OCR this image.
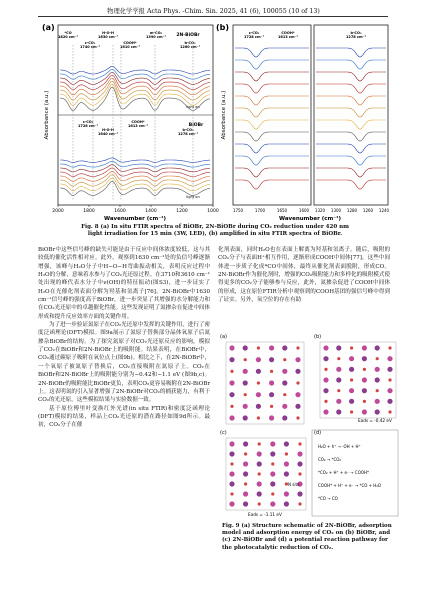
物理化学学报 Acta Phys. -Chim. Sin. 2025, 41 (6), 100055 (10 of 13)
(a)	(b)
Absorbance (a.u.)
Wavenumber (cm⁻¹)
2000	1800	1600	1400	1200	1000
2N-BiOBr
BiOBr
light on
light on
*CO 1820 cm⁻¹
c-CO₃ 1740 cm⁻¹
H-O-H 1630 cm⁻¹
COOH* 1610 cm⁻¹
m-CO₃ 1390 cm⁻¹
b-CO₃ 1260 cm⁻¹
c-CO₃ 1728 cm⁻¹
H-O-H 1640 cm⁻¹
COOH* 1613 cm⁻¹
b-CO₃ 1278 cm⁻¹	Absorbance (a.u.)
Wavenumber (cm⁻¹)
1750	1700	1650	1600 1320 1300 1280 1260 1240
c-CO₃ 1728 cm⁻¹
COOH* 1613 cm⁻¹
b-CO₃ 1278 cm⁻¹
Fig. 8 (a) In situ FTIR spectra of BiOBr, 2N-BiOBr during CO₂ reduction under 420 nm
light irradiation for 15 min (3W, LED), (b) amplified in situ FTIR spectra of BiOBr.

BiOBr中这些信号峰的缺失可能是由于反应中间体浓度较低，这与其较低的催化活性相对应。此外，观察到1630 cm⁻¹处的负信号峰逐渐增强，该峰与H₂O分子中H−O−H弯曲振动相关，表明反应过程中H₂O的分解，意味着水参与了CO₂光还原过程。在3710和3610 cm⁻¹处出现的峰代表水分子中ν(OH)的特征振动(图S3)，进一步证实了H₂O在光催化剂表面分解为羟基和氢离子[76]。2N-BiOBr中1630 cm⁻¹信号峰的强度高于BiOBr，进一步突显了其增强的水分解能力和在CO₂光还原中的卓越催化性能。这些发现证明了氮掺杂在促进中间体形成和提升反应效率方面的关键作用。

为了进一步验证氮原子在CO₂光还原中发挥的关键作用，进行了密度泛函理论(DFT)模拟。图9a展示了氮原子替换部分晶体氧原子后氮掺杂BiOBr的结构。为了探究氮原子对CO₂光还原反应的影响，模拟了CO₂在BiOBr和2N-BiOBr上的吸附能。结果表明，在BiOBr中，CO₂通过碳原子吸附在氧位点上(图9b)。相比之下，在2N-BiOBr中，一个氧原子被氮原子替换后，CO₂直接吸附在氮原子上。CO₂在BiOBr和2N-BiOBr上的吸附能分别为−0.42和−1.1 eV (图9b,c)。2N-BiOBr的吸附能比BiOBr更负，表明CO₂更容易吸附在2N-BiOBr上。这表明氮的引入显著增强了2N-BiOBr对CO₂的捕获能力，有利于CO₂的光还原。这些模拟结果与实验数据一致。

基于原位傅里叶变换红外光谱(in situ FTIR)和密度泛函理论(DFT)模拟的结果，样品上CO₂光还原的潜在路径如图9d所示。最初，CO₂分子在催

化剂表面，同时H₂O也在表面上解离为羟基和氢离子。随后，吸附的CO₂分子与表面H⁺相互作用，逐渐形成COOH中间体[77]。这些中间体进一步质子化成*CO中间体，最终从催化剂表面脱附，形成CO。2N-BiOBr作为催化剂时，增强的CO₂吸附能力和多样化的吸附模式使得更多的CO₂分子能够参与反应，此外，氮掺杂促进了COOH中间体的形成，这在原位FTIR分析中观察到的COOH基团的强信号峰中得到了证实。另外，氧空位的存在有助

(a)	(b)
(c)	(d)
Eads = -0.42 eV
Eads = -1.11 eV
N site
H₂O + h⁺ → ·OH + H⁺
CO₂ → *CO₂
*CO₂ + H⁺ + e⁻ → COOH*
COOH* + H⁺ + e⁻ → *CO + H₂O
*CO → CO
Fig. 9 (a) Structure schematic of 2N-BiOBr, adsorption
model and adsorption energy of CO₂ on (b) BiOBr, and
(c) 2N-BiOBr and (d) a potential reaction pathway for
the photocatalytic reduction of CO₂.
